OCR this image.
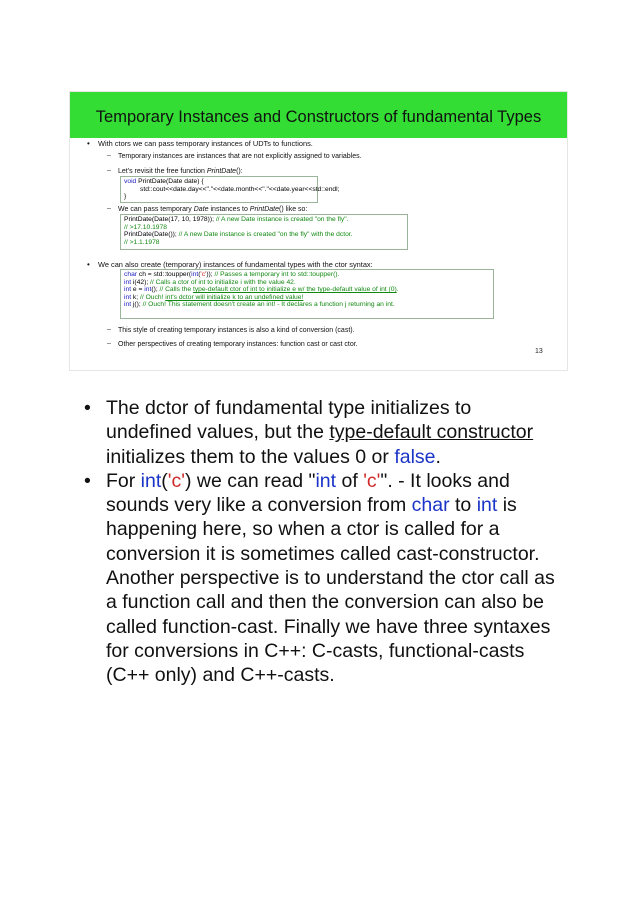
Temporary Instances and Constructors of fundamental Types
• With ctors we can pass temporary instances of UDTs to functions.
– Temporary instances are instances that are not explicitly assigned to variables.
– Let's revisit the free function PrintDate():
void PrintDate(Date date) {
std::cout<<date.day<<"."<<date.month<<"."<<date.year<<std::endl;
}
– We can pass temporary Date instances to PrintDate() like so:
PrintDate(Date(17, 10, 1978)); // A new Date instance is created "on the fly".
// >17.10.1978
PrintDate(Date()); // A new Date instance is created "on the fly" with the dctor.
// >1.1.1978
• We can also create (temporary) instances of fundamental types with the ctor syntax:
char ch = std::toupper(int('c')); // Passes a temporary int to std::toupper().
int i(42); // Calls a ctor of int to initialize i with the value 42.
int e = int(); // Calls the type-default ctor of int to initialize e w/ the type-default value of int (0).
int k; // Ouch! int's dctor will initialize k to an undefined value!
int j(); // Ouch! This statement doesn't create an int! - It declares a function j returning an int.
– This style of creating temporary instances is also a kind of conversion (cast).
– Other perspectives of creating temporary instances: function cast or cast ctor.
13
• The dctor of fundamental type initializes to undefined values, but the type-default constructor initializes them to the values 0 or false.
• For int('c') we can read "int of 'c'". - It looks and sounds very like a conversion from char to int is happening here, so when a ctor is called for a conversion it is sometimes called cast-constructor. Another perspective is to understand the ctor call as a function call and then the conversion can also be called function-cast. Finally we have three syntaxes for conversions in C++: C-casts, functional-casts (C++ only) and C++-casts.
